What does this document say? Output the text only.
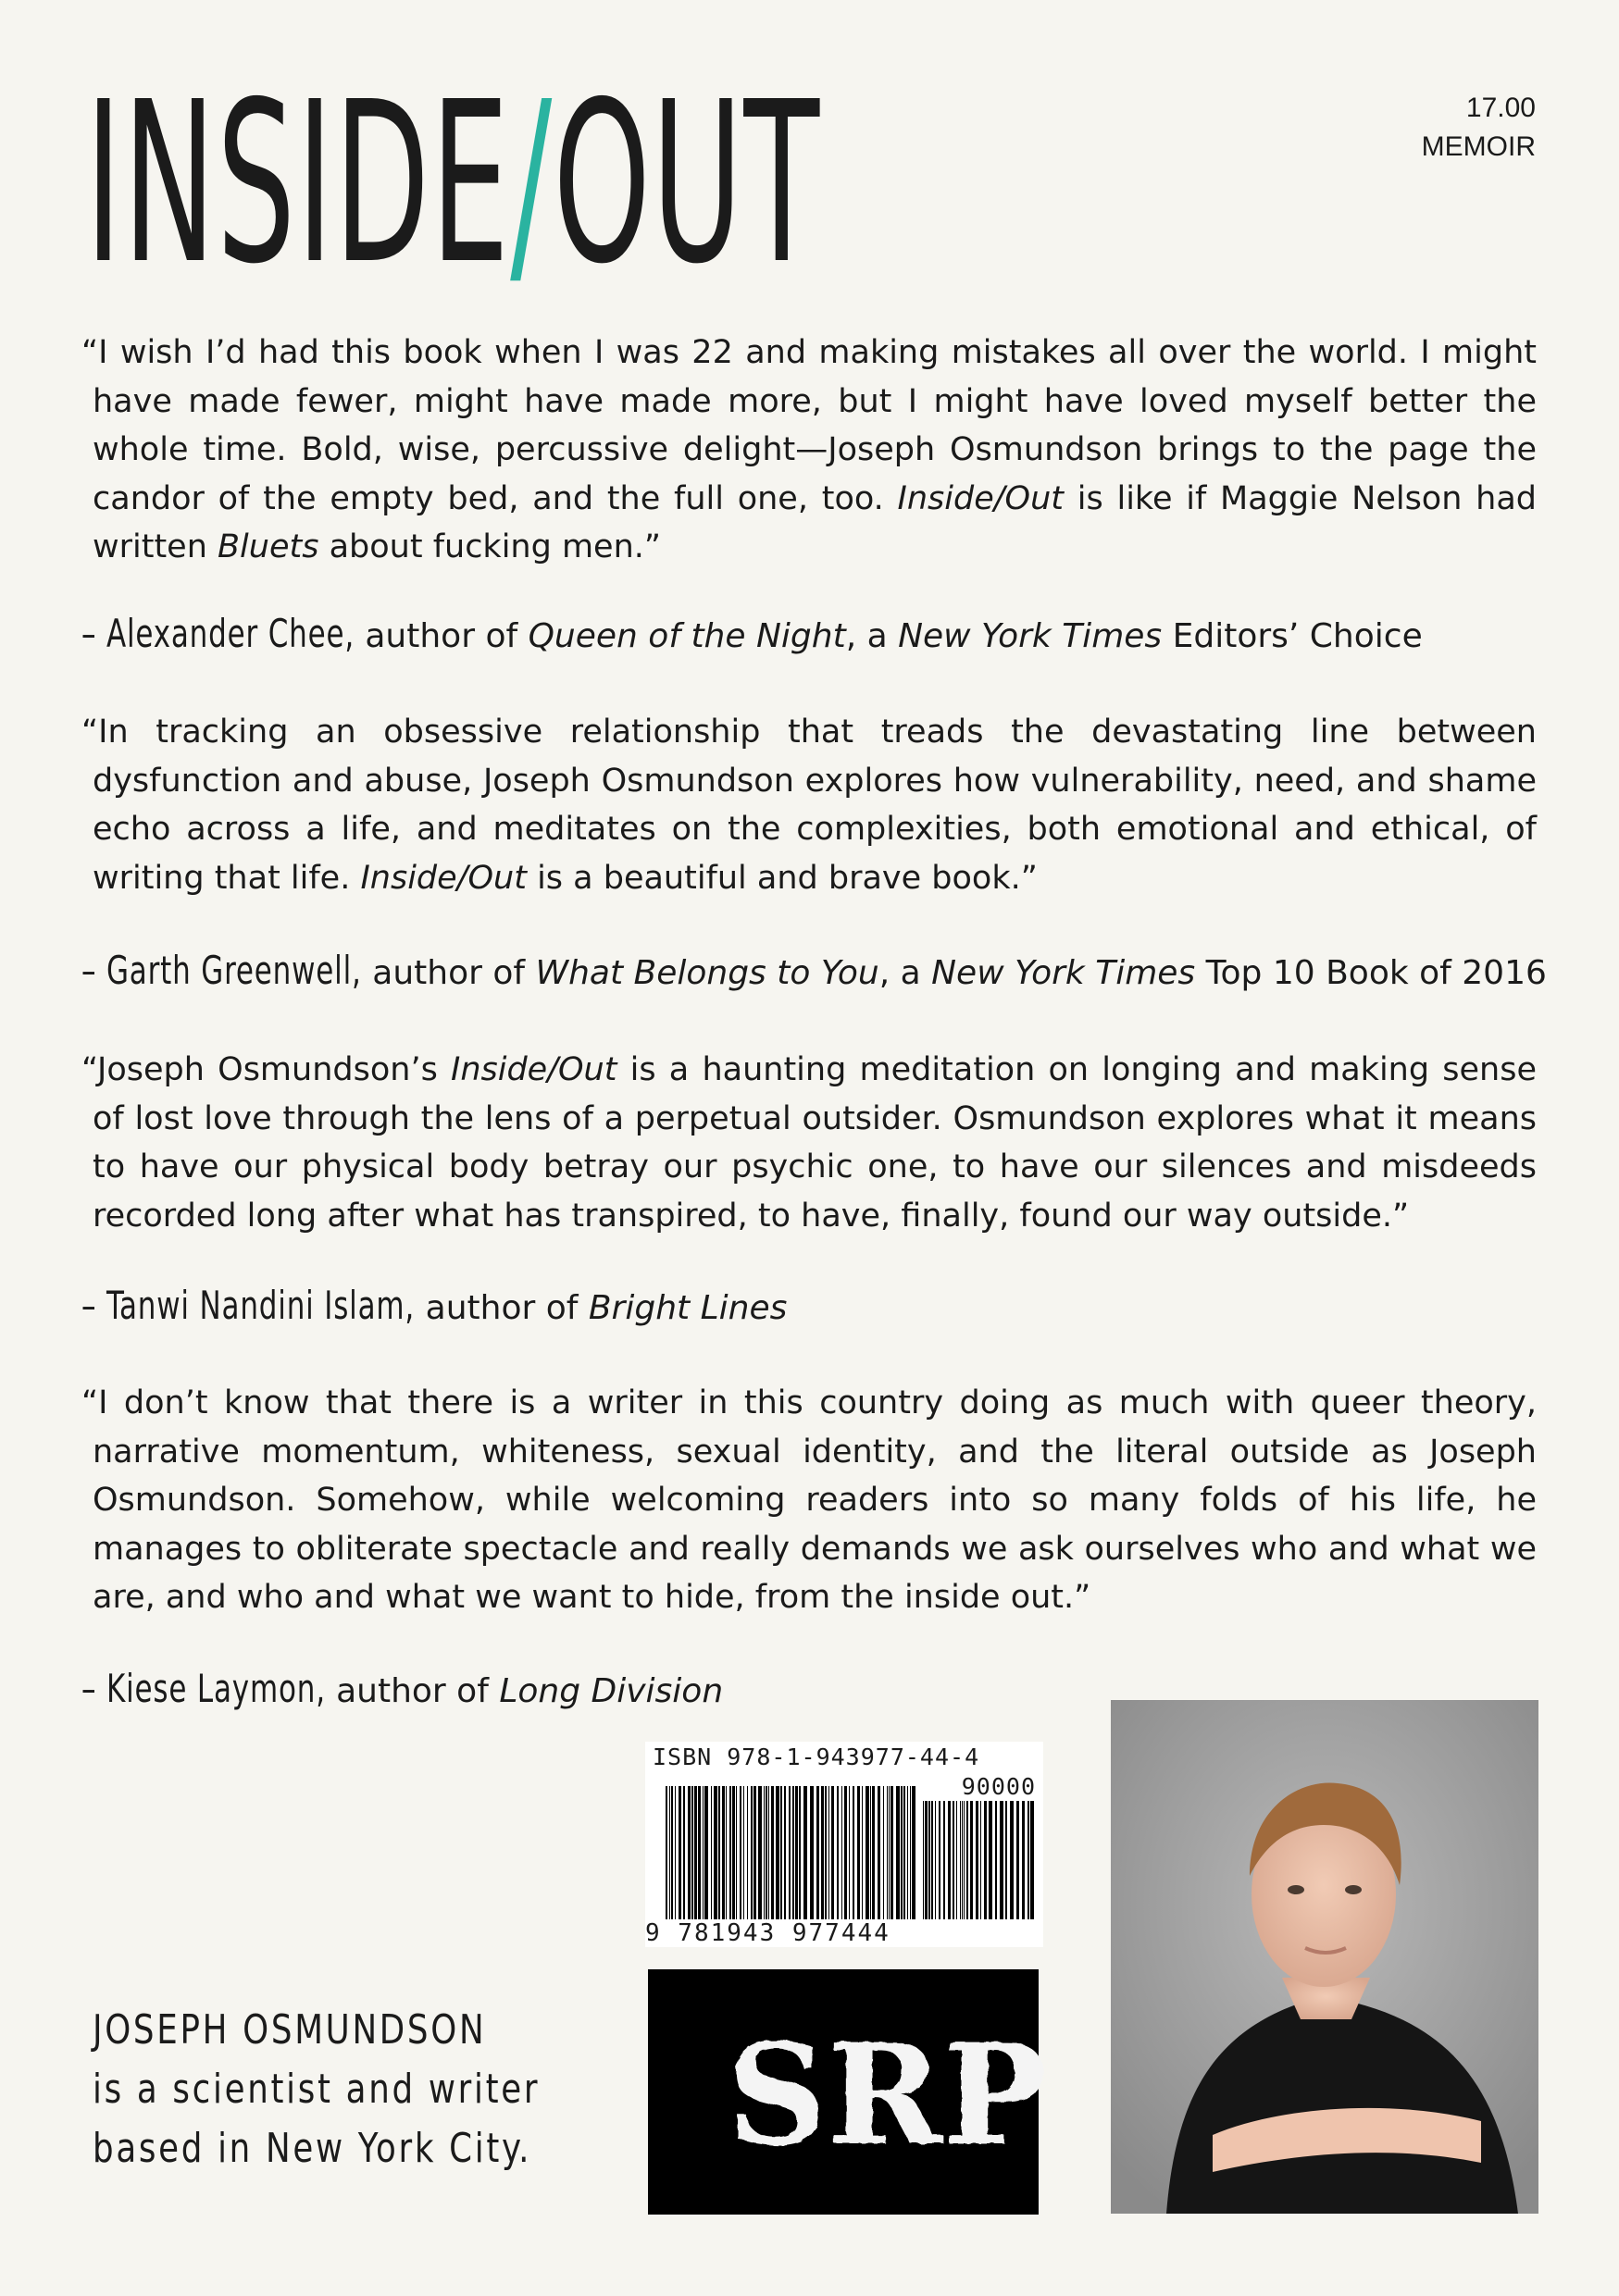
INSIDE/OUT	17.00
MEMOIR

“I wish I’d had this book when I was 22 and making mistakes all over the world. I might have made fewer, might have made more, but I might have loved myself better the whole time. Bold, wise, percussive delight—Joseph Osmundson brings to the page the candor of the empty bed, and the full one, too. Inside/Out is like if Maggie Nelson had written Bluets about fucking men.”

– Alexander Chee, author of Queen of the Night, a New York Times Editors’ Choice

“In tracking an obsessive relationship that treads the devastating line between dysfunction and abuse, Joseph Osmundson explores how vulnerability, need, and shame echo across a life, and meditates on the complexities, both emotional and ethical, of writing that life. Inside/Out is a beautiful and brave book.”

– Garth Greenwell, author of What Belongs to You, a New York Times Top 10 Book of 2016

“Joseph Osmundson’s Inside/Out is a haunting meditation on longing and making sense of lost love through the lens of a perpetual outsider. Osmundson explores what it means to have our physical body betray our psychic one, to have our silences and misdeeds recorded long after what has transpired, to have, finally, found our way outside.”

– Tanwi Nandini Islam, author of Bright Lines

“I don’t know that there is a writer in this country doing as much with queer theory, narrative momentum, whiteness, sexual identity, and the literal outside as Joseph Osmundson. Somehow, while welcoming readers into so many folds of his life, he manages to obliterate spectacle and really demands we ask ourselves who and what we are, and who and what we want to hide, from the inside out.”

– Kiese Laymon, author of Long Division
JOSEPH OSMUNDSON
is a scientist and writer
based in New York City.
ISBN 978-1-943977-44-4
90000
9 781943 977444
SRP
